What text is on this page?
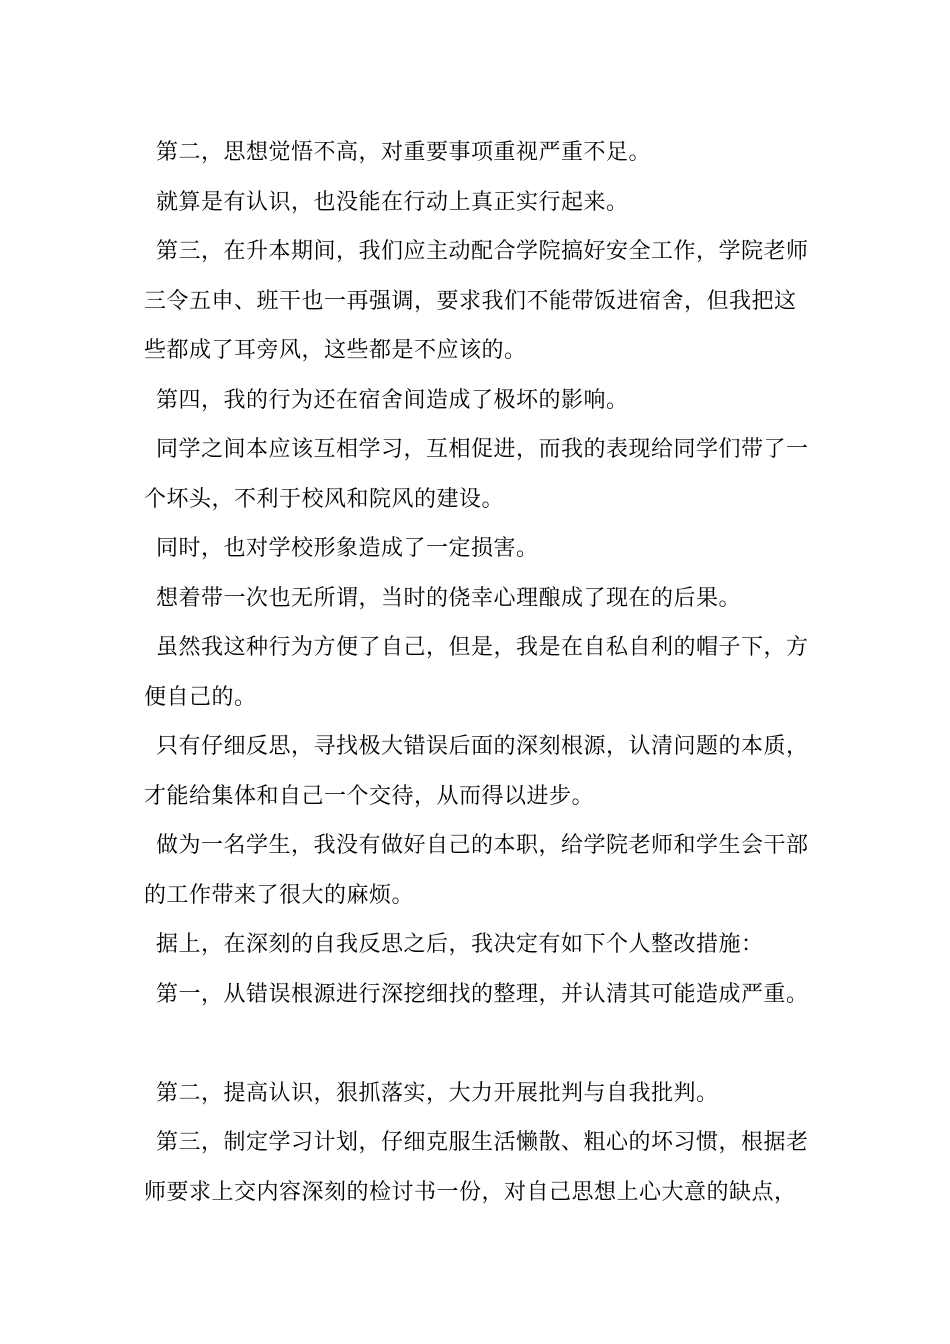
第二，思想觉悟不高，对重要事项重视严重不足。
就算是有认识，也没能在行动上真正实行起来。
第三，在升本期间，我们应主动配合学院搞好安全工作，学院老师
三令五申、班干也一再强调，要求我们不能带饭进宿舍，但我把这
些都成了耳旁风，这些都是不应该的。
第四，我的行为还在宿舍间造成了极坏的影响。
同学之间本应该互相学习，互相促进，而我的表现给同学们带了一
个坏头，不利于校风和院风的建设。
同时，也对学校形象造成了一定损害。
想着带一次也无所谓，当时的侥幸心理酿成了现在的后果。
虽然我这种行为方便了自己，但是，我是在自私自利的帽子下，方
便自己的。
只有仔细反思，寻找极大错误后面的深刻根源，认清问题的本质，
才能给集体和自己一个交待，从而得以进步。
做为一名学生，我没有做好自己的本职，给学院老师和学生会干部
的工作带来了很大的麻烦。
据上，在深刻的自我反思之后，我决定有如下个人整改措施：
第一，从错误根源进行深挖细找的整理，并认清其可能造成严重。
第二，提高认识，狠抓落实，大力开展批判与自我批判。
第三，制定学习计划，仔细克服生活懒散、粗心的坏习惯，根据老
师要求上交内容深刻的检讨书一份，对自己思想上心大意的缺点，
